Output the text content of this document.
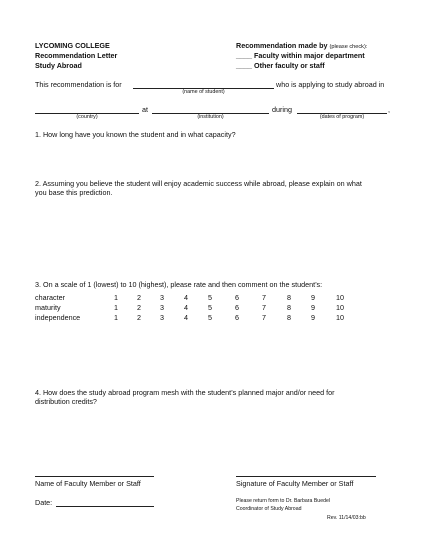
LYCOMING COLLEGE
Recommendation Letter
Study Abroad
Recommendation made by (please check):
____ Faculty within major department
____ Other faculty or staff
This recommendation is for	who is applying to study abroad in
(name of student)
at	during	,
(country)	(institution)	(dates of program)
1. How long have you known the student and in what capacity?
2. Assuming you believe the student will enjoy academic success while abroad, please explain on what
you base this prediction.
3. On a scale of 1 (lowest) to 10 (highest), please rate and then comment on the student’s:
character	1	2	3	4	5	6	7	8	9	10
maturity	1	2	3	4	5	6	7	8	9	10
independence	1	2	3	4	5	6	7	8	9	10
4. How does the study abroad program mesh with the student’s planned major and/or need for
distribution credits?
Name of Faculty Member or Staff	Signature of Faculty Member or Staff
Date:	Please return form to Dr. Barbara Buedel
Coordinator of Study Abroad
Rev. 11/14/03:bb
